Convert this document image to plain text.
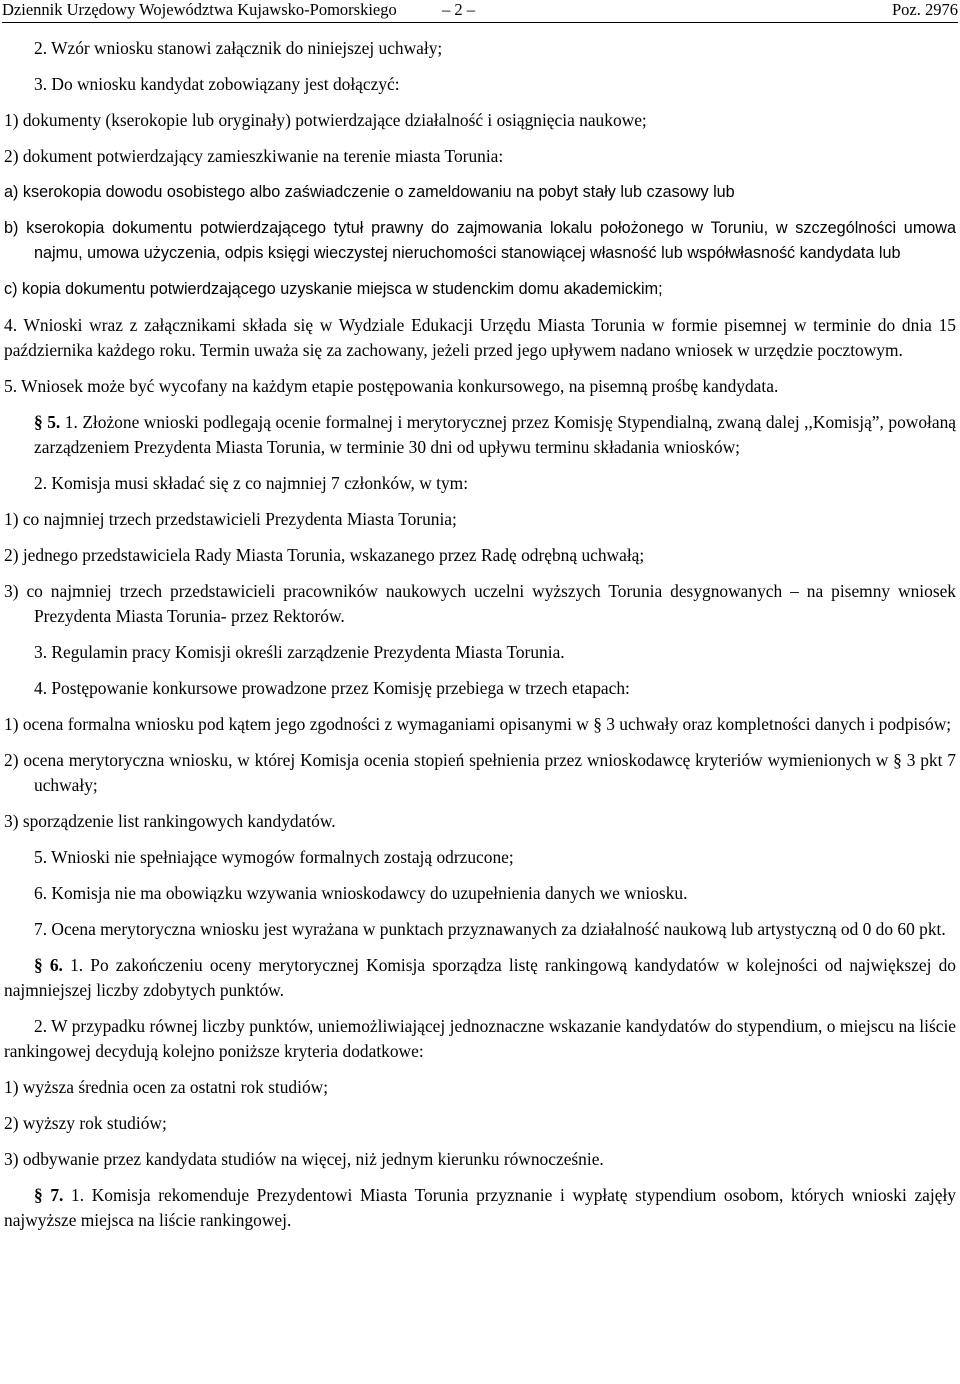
Dziennik Urzędowy Województwa Kujawsko-Pomorskiego	– 2 –	Poz. 2976

2. Wzór wniosku stanowi załącznik do niniejszej uchwały;

3. Do wniosku kandydat zobowiązany jest dołączyć:

1) dokumenty (kserokopie lub oryginały) potwierdzające działalność i osiągnięcia naukowe;

2) dokument potwierdzający zamieszkiwanie na terenie miasta Torunia:

a) kserokopia dowodu osobistego albo zaświadczenie o zameldowaniu na pobyt stały lub czasowy lub

b) kserokopia dokumentu potwierdzającego tytuł prawny do zajmowania lokalu położonego w Toruniu, w szczególności umowa najmu, umowa użyczenia, odpis księgi wieczystej nieruchomości stanowiącej własność lub współwłasność kandydata lub

c) kopia dokumentu potwierdzającego uzyskanie miejsca w studenckim domu akademickim;

4. Wnioski wraz z załącznikami składa się w Wydziale Edukacji Urzędu Miasta Torunia w formie pisemnej w terminie do dnia 15 października każdego roku. Termin uważa się za zachowany, jeżeli przed jego upływem nadano wniosek w urzędzie pocztowym.

5. Wniosek może być wycofany na każdym etapie postępowania konkursowego, na pisemną prośbę kandydata.

§ 5. 1. Złożone wnioski podlegają ocenie formalnej i merytorycznej przez Komisję Stypendialną, zwaną dalej ,,Komisją”, powołaną zarządzeniem Prezydenta Miasta Torunia, w terminie 30 dni od upływu terminu składania wniosków;

2. Komisja musi składać się z co najmniej 7 członków, w tym:

1) co najmniej trzech przedstawicieli Prezydenta Miasta Torunia;

2) jednego przedstawiciela Rady Miasta Torunia, wskazanego przez Radę odrębną uchwałą;

3) co najmniej trzech przedstawicieli pracowników naukowych uczelni wyższych Torunia desygnowanych – na pisemny wniosek Prezydenta Miasta Torunia- przez Rektorów.

3. Regulamin pracy Komisji określi zarządzenie Prezydenta Miasta Torunia.

4. Postępowanie konkursowe prowadzone przez Komisję przebiega w trzech etapach:

1) ocena formalna wniosku pod kątem jego zgodności z wymaganiami opisanymi w § 3 uchwały oraz kompletności danych i podpisów;

2) ocena merytoryczna wniosku, w której Komisja ocenia stopień spełnienia przez wnioskodawcę kryteriów wymienionych w § 3 pkt 7 uchwały;

3) sporządzenie list rankingowych kandydatów.

5. Wnioski nie spełniające wymogów formalnych zostają odrzucone;

6. Komisja nie ma obowiązku wzywania wnioskodawcy do uzupełnienia danych we wniosku.

7. Ocena merytoryczna wniosku jest wyrażana w punktach przyznawanych za działalność naukową lub artystyczną od 0 do 60 pkt.

§ 6. 1. Po zakończeniu oceny merytorycznej Komisja sporządza listę rankingową kandydatów w kolejności od największej do najmniejszej liczby zdobytych punktów.

2. W przypadku równej liczby punktów, uniemożliwiającej jednoznaczne wskazanie kandydatów do stypendium, o miejscu na liście rankingowej decydują kolejno poniższe kryteria dodatkowe:

1) wyższa średnia ocen za ostatni rok studiów;

2) wyższy rok studiów;

3) odbywanie przez kandydata studiów na więcej, niż jednym kierunku równocześnie.

§ 7. 1. Komisja rekomenduje Prezydentowi Miasta Torunia przyznanie i wypłatę stypendium osobom, których wnioski zajęły najwyższe miejsca na liście rankingowej.
